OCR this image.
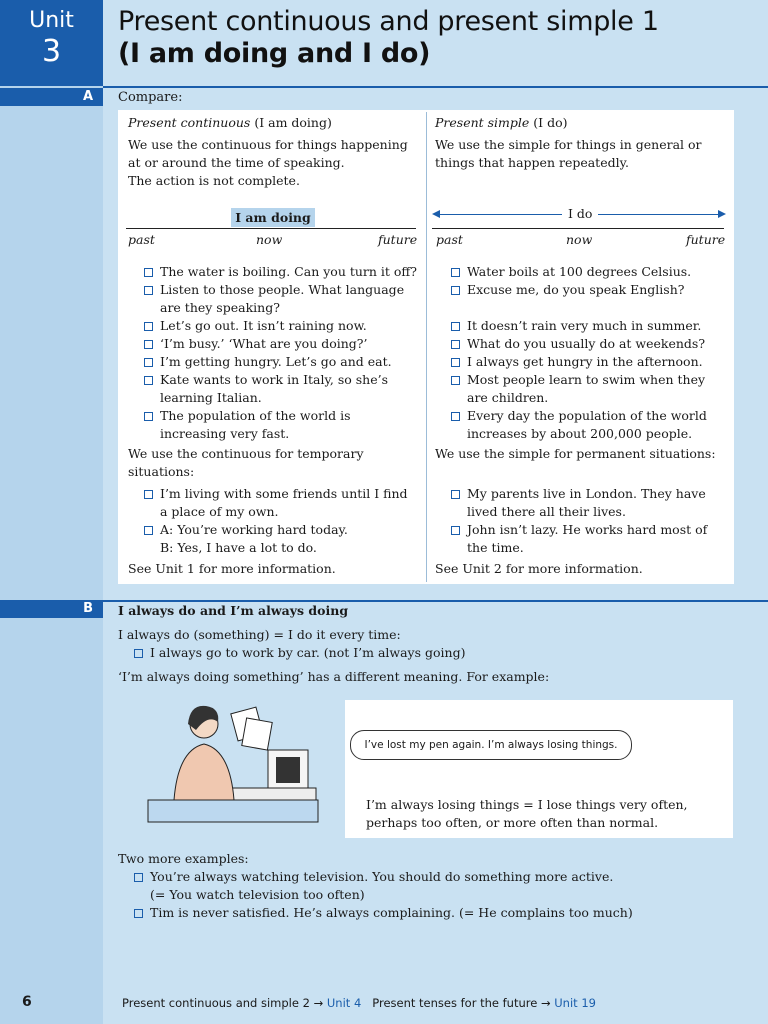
Unit
3
Present continuous and present simple 1
(I am doing and I do)
A	Compare:

Present continuous (I am doing)

We use the continuous for things happening

at or around the time of speaking.

The action is not complete.

I am doing
past	now	future
The water is boiling. Can you turn it off?
Listen to those people. What language
are they speaking?
Let’s go out. It isn’t raining now.
‘I’m busy.’ ‘What are you doing?’
I’m getting hungry. Let’s go and eat.
Kate wants to work in Italy, so she’s
learning Italian.
The population of the world is
increasing very fast.

We use the continuous for temporary

situations:

I’m living with some friends until I find
a place of my own.
A: You’re working hard today.
B: Yes, I have a lot to do.

See Unit 1 for more information.

Present simple (I do)

We use the simple for things in general or

things that happen repeatedly.

I do
past	now	future
Water boils at 100 degrees Celsius.
Excuse me, do you speak English?
It doesn’t rain very much in summer.
What do you usually do at weekends?
I always get hungry in the afternoon.
Most people learn to swim when they
are children.
Every day the population of the world
increases by about 200,000 people.

We use the simple for permanent situations:

My parents live in London. They have
lived there all their lives.
John isn’t lazy. He works hard most of
the time.

See Unit 2 for more information.

B	I always do and I’m always doing

I always do (something) = I do it every time:

I always go to work by car. (not I’m always going)

‘I’m always doing something’ has a different meaning. For example:

I’ve lost my pen again. I’m always losing things.

I’m always losing things = I lose things very often,

perhaps too often, or more often than normal.

Two more examples:

You’re always watching television. You should do something more active.
(= You watch television too often)
Tim is never satisfied. He’s always complaining. (= He complains too much)
6	Present continuous and simple 2 → Unit 4 Present tenses for the future → Unit 19
